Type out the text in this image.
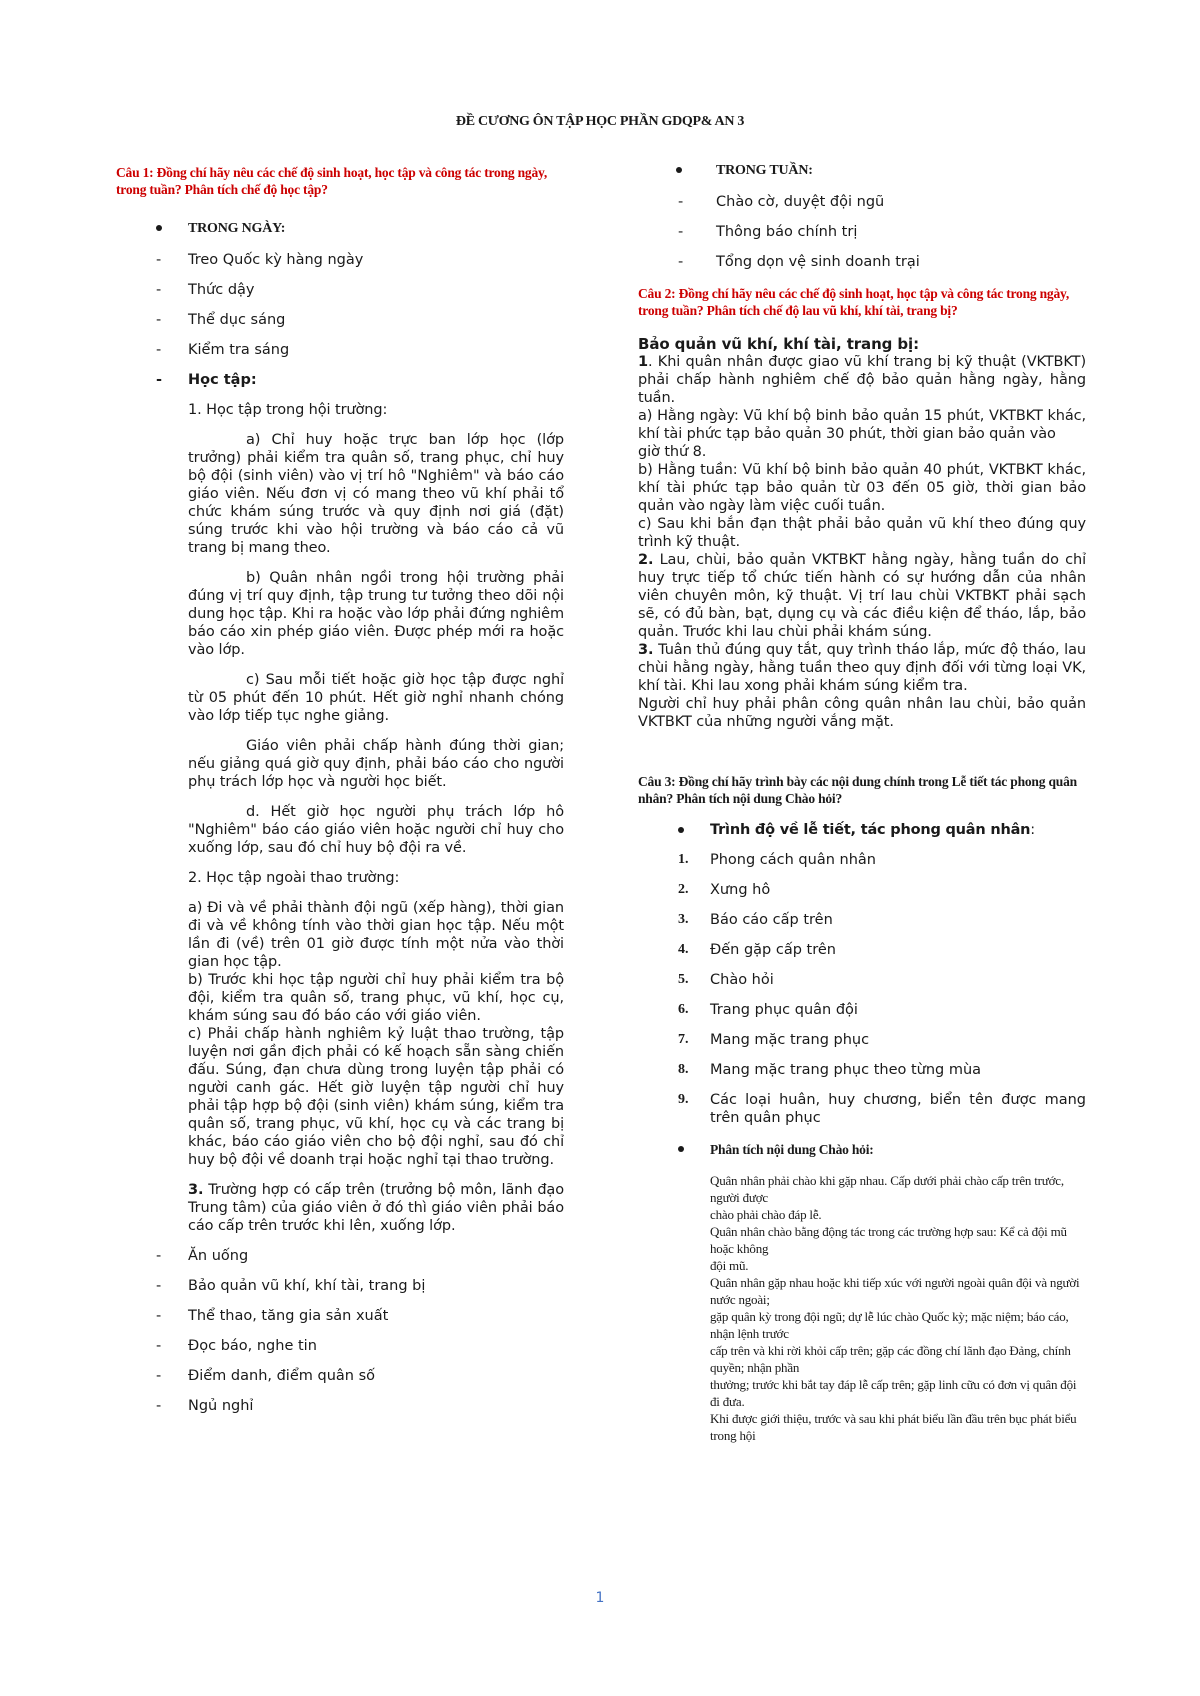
ĐỀ CƯƠNG ÔN TẬP HỌC PHẦN GDQP& AN 3

Câu 1: Đồng chí hãy nêu các chế độ sinh hoạt, học tập và công tác trong ngày, trong tuần? Phân tích chế độ học tập?

TRONG NGÀY:
- Treo Quốc kỳ hàng ngày
- Thức dậy
- Thể dục sáng
- Kiểm tra sáng
- Học tập:
1. Học tập trong hội trường:
a) Chỉ huy hoặc trực ban lớp học (lớp trưởng) phải kiểm tra quân số, trang phục, chỉ huy bộ đội (sinh viên) vào vị trí hô "Nghiêm" và báo cáo giáo viên. Nếu đơn vị có mang theo vũ khí phải tổ chức khám súng trước và quy định nơi giá (đặt) súng trước khi vào hội trường và báo cáo cả vũ trang bị mang theo.
b) Quân nhân ngồi trong hội trường phải đúng vị trí quy định, tập trung tư tưởng theo dõi nội dung học tập. Khi ra hoặc vào lớp phải đứng nghiêm báo cáo xin phép giáo viên. Được phép mới ra hoặc vào lớp.
c) Sau mỗi tiết hoặc giờ học tập được nghỉ từ 05 phút đến 10 phút. Hết giờ nghỉ nhanh chóng vào lớp tiếp tục nghe giảng.
Giáo viên phải chấp hành đúng thời gian; nếu giảng quá giờ quy định, phải báo cáo cho người phụ trách lớp học và người học biết.
d. Hết giờ học người phụ trách lớp hô "Nghiêm" báo cáo giáo viên hoặc người chỉ huy cho xuống lớp, sau đó chỉ huy bộ đội ra về.
2. Học tập ngoài thao trường:
a) Đi và về phải thành đội ngũ (xếp hàng), thời gian đi và về không tính vào thời gian học tập. Nếu một lần đi (về) trên 01 giờ được tính một nửa vào thời gian học tập.
b) Trước khi học tập người chỉ huy phải kiểm tra bộ đội, kiểm tra quân số, trang phục, vũ khí, học cụ, khám súng sau đó báo cáo với giáo viên.
c) Phải chấp hành nghiêm kỷ luật thao trường, tập luyện nơi gần địch phải có kế hoạch sẵn sàng chiến đấu. Súng, đạn chưa dùng trong luyện tập phải có người canh gác. Hết giờ luyện tập người chỉ huy phải tập hợp bộ đội (sinh viên) khám súng, kiểm tra quân số, trang phục, vũ khí, học cụ và các trang bị khác, báo cáo giáo viên cho bộ đội nghỉ, sau đó chỉ huy bộ đội về doanh trại hoặc nghỉ tại thao trường.
3. Trường hợp có cấp trên (trưởng bộ môn, lãnh đạo Trung tâm) của giáo viên ở đó thì giáo viên phải báo cáo cấp trên trước khi lên, xuống lớp.
- Ăn uống
- Bảo quản vũ khí, khí tài, trang bị
- Thể thao, tăng gia sản xuất
- Đọc báo, nghe tin
- Điểm danh, điểm quân số
- Ngủ nghỉ
TRONG TUẦN:
- Chào cờ, duyệt đội ngũ
- Thông báo chính trị
- Tổng dọn vệ sinh doanh trại

Câu 2: Đồng chí hãy nêu các chế độ sinh hoạt, học tập và công tác trong ngày, trong tuần? Phân tích chế độ lau vũ khí, khí tài, trang bị?

Bảo quản vũ khí, khí tài, trang bị:
1. Khi quân nhân được giao vũ khí trang bị kỹ thuật (VKTBKT) phải chấp hành nghiêm chế độ bảo quản hằng ngày, hằng tuần.
a) Hằng ngày: Vũ khí bộ binh bảo quản 15 phút, VKTBKT khác, khí tài phức tạp bảo quản 30 phút, thời gian bảo quản vào
giờ thứ 8.
b) Hằng tuần: Vũ khí bộ binh bảo quản 40 phút, VKTBKT khác, khí tài phức tạp bảo quản từ 03 đến 05 giờ, thời gian bảo quản vào ngày làm việc cuối tuần.
c) Sau khi bắn đạn thật phải bảo quản vũ khí theo đúng quy trình kỹ thuật.
2. Lau, chùi, bảo quản VKTBKT hằng ngày, hằng tuần do chỉ huy trực tiếp tổ chức tiến hành có sự hướng dẫn của nhân viên chuyên môn, kỹ thuật. Vị trí lau chùi VKTBKT phải sạch sẽ, có đủ bàn, bạt, dụng cụ và các điều kiện để tháo, lắp, bảo quản. Trước khi lau chùi phải khám súng.
3. Tuân thủ đúng quy tắt, quy trình tháo lắp, mức độ tháo, lau chùi hằng ngày, hằng tuần theo quy định đối với từng loại VK, khí tài. Khi lau xong phải khám súng kiểm tra.
Người chỉ huy phải phân công quân nhân lau chùi, bảo quản VKTBKT của những người vắng mặt.

Câu 3: Đồng chí hãy trình bày các nội dung chính trong Lễ tiết tác phong quân nhân? Phân tích nội dung Chào hỏi?

Trình độ về lễ tiết, tác phong quân nhân:
1. Phong cách quân nhân
2. Xưng hô
3. Báo cáo cấp trên
4. Đến gặp cấp trên
5. Chào hỏi
6. Trang phục quân đội
7. Mang mặc trang phục
8. Mang mặc trang phục theo từng mùa
9. Các loại huân, huy chương, biển tên được mang trên quân phục
Phân tích nội dung Chào hỏi:
Quân nhân phải chào khi gặp nhau. Cấp dưới phải chào cấp trên trước, người được
chào phải chào đáp lễ.
Quân nhân chào bằng động tác trong các trường hợp sau: Kể cả đội mũ hoặc không
đội mũ.
Quân nhân gặp nhau hoặc khi tiếp xúc với người ngoài quân đội và người nước ngoài;
gặp quân kỳ trong đội ngũ; dự lễ lúc chào Quốc kỳ; mặc niệm; báo cáo, nhận lệnh trước
cấp trên và khi rời khỏi cấp trên; gặp các đồng chí lãnh đạo Đảng, chính quyền; nhận phần
thưởng; trước khi bắt tay đáp lễ cấp trên; gặp linh cữu có đơn vị quân đội đi đưa.
Khi được giới thiệu, trước và sau khi phát biểu lần đầu trên bục phát biểu trong hội
1
